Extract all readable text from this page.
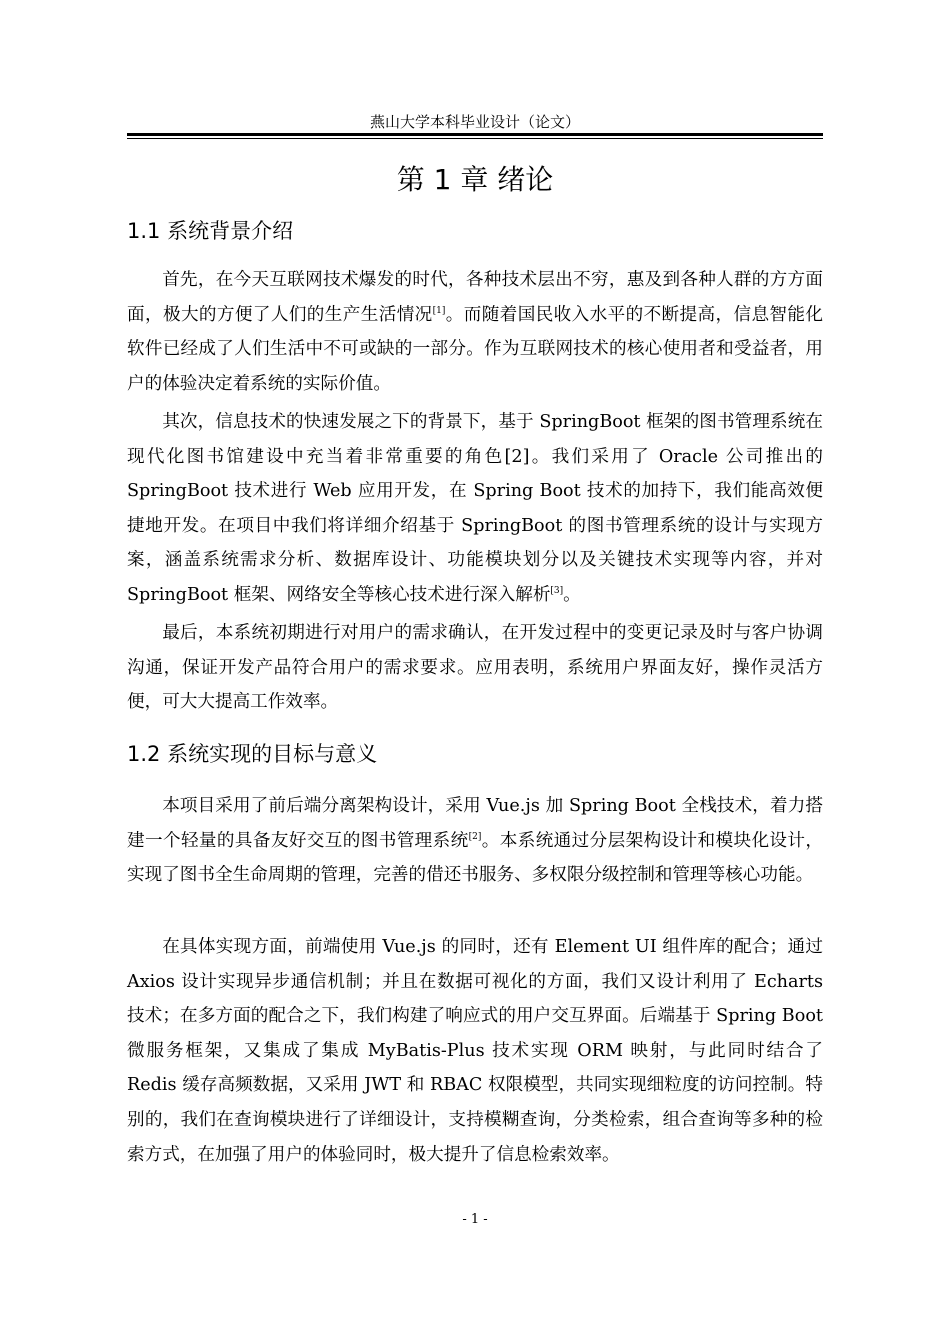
燕山大学本科毕业设计（论文）
第 1 章 绪论
1.1 系统背景介绍

首先，在今天互联网技术爆发的时代，各种技术层出不穷，惠及到各种人群的方方面面，极大的方便了人们的生产生活情况[1]。而随着国民收入水平的不断提高，信息智能化软件已经成了人们生活中不可或缺的一部分。作为互联网技术的核心使用者和受益者，用户的体验决定着系统的实际价值。

其次，信息技术的快速发展之下的背景下，基于 SpringBoot 框架的图书管理系统在现代化图书馆建设中充当着非常重要的角色[2]。我们采用了 Oracle 公司推出的 SpringBoot 技术进行 Web 应用开发，在 Spring Boot 技术的加持下，我们能高效便捷地开发。在项目中我们将详细介绍基于 SpringBoot 的图书管理系统的设计与实现方案，涵盖系统需求分析、数据库设计、功能模块划分以及关键技术实现等内容，并对 SpringBoot 框架、网络安全等核心技术进行深入解析[3]。

最后，本系统初期进行对用户的需求确认，在开发过程中的变更记录及时与客户协调沟通，保证开发产品符合用户的需求要求。应用表明，系统用户界面友好，操作灵活方便，可大大提高工作效率。

1.2 系统实现的目标与意义

本项目采用了前后端分离架构设计，采用 Vue.js 加 Spring Boot 全栈技术，着力搭建一个轻量的具备友好交互的图书管理系统[2]。本系统通过分层架构设计和模块化设计，实现了图书全生命周期的管理，完善的借还书服务、多权限分级控制和管理等核心功能。

在具体实现方面，前端使用 Vue.js 的同时，还有 Element UI 组件库的配合；通过 Axios 设计实现异步通信机制；并且在数据可视化的方面，我们又设计利用了 Echarts 技术；在多方面的配合之下，我们构建了响应式的用户交互界面。后端基于 Spring Boot 微服务框架，又集成了集成 MyBatis-Plus 技术实现 ORM 映射，与此同时结合了 Redis 缓存高频数据，又采用 JWT 和 RBAC 权限模型，共同实现细粒度的访问控制。特别的，我们在查询模块进行了详细设计，支持模糊查询，分类检索，组合查询等多种的检索方式，在加强了用户的体验同时，极大提升了信息检索效率。

- 1 -
